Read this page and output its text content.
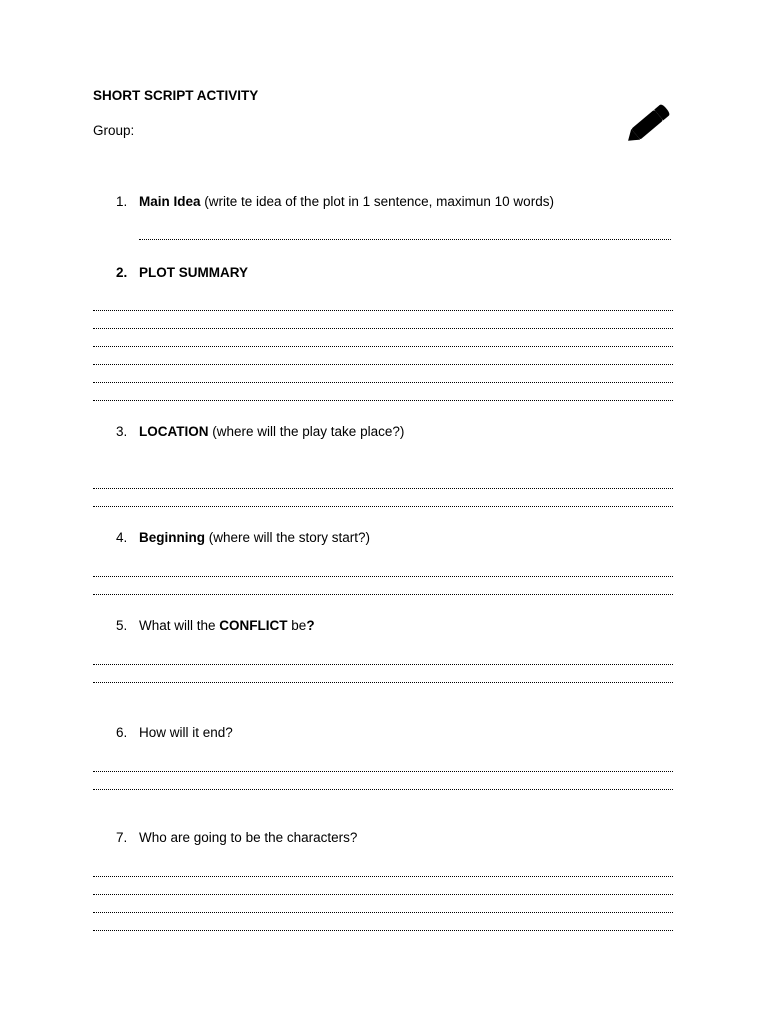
SHORT SCRIPT ACTIVITY
Group:
1. Main Idea (write te idea of the plot in 1 sentence, maximun 10 words)
2. PLOT SUMMARY
3. LOCATION (where will the play take place?)
4. Beginning (where will the story start?)
5. What will the CONFLICT be?
6. How will it end?
7. Who are going to be the characters?
